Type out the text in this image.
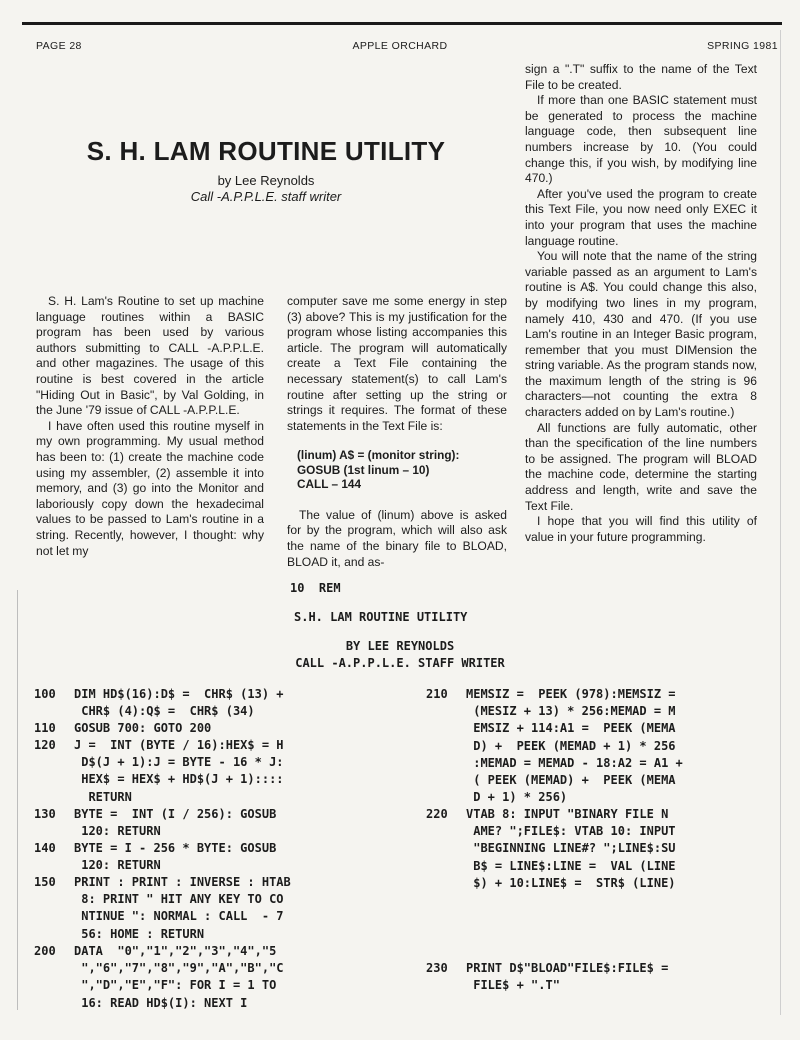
PAGE 28	APPLE ORCHARD	SPRING 1981
S. H. LAM ROUTINE UTILITY
by Lee Reynolds
Call -A.P.P.L.E. staff writer

S. H. Lam's Routine to set up machine language routines within a BASIC program has been used by various authors submitting to CALL -A.P.P.L.E. and other magazines. The usage of this routine is best covered in the article "Hiding Out in Basic", by Val Golding, in the June '79 issue of CALL -A.P.P.L.E.

I have often used this routine myself in my own programming. My usual method has been to: (1) create the machine code using my assembler, (2) assemble it into memory, and (3) go into the Monitor and laboriously copy down the hexadecimal values to be passed to Lam's routine in a string. Recently, however, I thought: why not let my

computer save me some energy in step (3) above? This is my justification for the program whose listing accompanies this article. The program will automatically create a Text File containing the necessary statement(s) to call Lam's routine after setting up the string or strings it requires. The format of these statements in the Text File is:

(linum) A$ = (monitor string):
GOSUB (1st linum – 10)
CALL – 144

The value of (linum) above is asked for by the program, which will also ask the name of the binary file to BLOAD, BLOAD it, and as-

sign a ".T" suffix to the name of the Text File to be created.

If more than one BASIC statement must be generated to process the machine language code, then subsequent line numbers increase by 10. (You could change this, if you wish, by modifying line 470.)

After you've used the program to create this Text File, you now need only EXEC it into your program that uses the machine language routine.

You will note that the name of the string variable passed as an argument to Lam's routine is A$. You could change this also, by modifying two lines in my program, namely 410, 430 and 470. (If you use Lam's routine in an Integer Basic program, remember that you must DIMension the string variable. As the program stands now, the maximum length of the string is 96 characters—not counting the extra 8 characters added on by Lam's routine.)

All functions are fully automatic, other than the specification of the line numbers to be assigned. The program will BLOAD the machine code, determine the starting address and length, write and save the Text File.

I hope that you will find this utility of value in your future programming.

10  REM
S.H. LAM ROUTINE UTILITY
BY LEE REYNOLDS
CALL -A.P.P.L.E. STAFF WRITER
100 DIM HD$(16):D$ =  CHR$ (13) +
CHR$ (4):Q$ =  CHR$ (34)
110 GOSUB 700: GOTO 200
120 J =  INT (BYTE / 16):HEX$ = H
D$(J + 1):J = BYTE - 16 * J:
HEX$ = HEX$ + HD$(J + 1)::::
RETURN
130 BYTE =  INT (I / 256): GOSUB
120: RETURN
140 BYTE = I - 256 * BYTE: GOSUB
120: RETURN
150 PRINT : PRINT : INVERSE : HTAB
8: PRINT " HIT ANY KEY TO CO
NTINUE ": NORMAL : CALL  - 7
56: HOME : RETURN
200 DATA  "0","1","2","3","4","5
","6","7","8","9","A","B","C
","D","E","F": FOR I = 1 TO
16: READ HD$(I): NEXT I
210 MEMSIZ =  PEEK (978):MEMSIZ =
(MESIZ + 13) * 256:MEMAD = M
EMSIZ + 114:A1 =  PEEK (MEMA
D) +  PEEK (MEMAD + 1) * 256
:MEMAD = MEMAD - 18:A2 = A1 +
( PEEK (MEMAD) +  PEEK (MEMA
D + 1) * 256)
220 VTAB 8: INPUT "BINARY FILE N
AME? ";FILE$: VTAB 10: INPUT
"BEGINNING LINE#? ";LINE$:SU
B$ = LINE$:LINE =  VAL (LINE
$) + 10:LINE$ =  STR$ (LINE)
230 PRINT D$"BLOAD"FILE$:FILE$ =
FILE$ + ".T"
